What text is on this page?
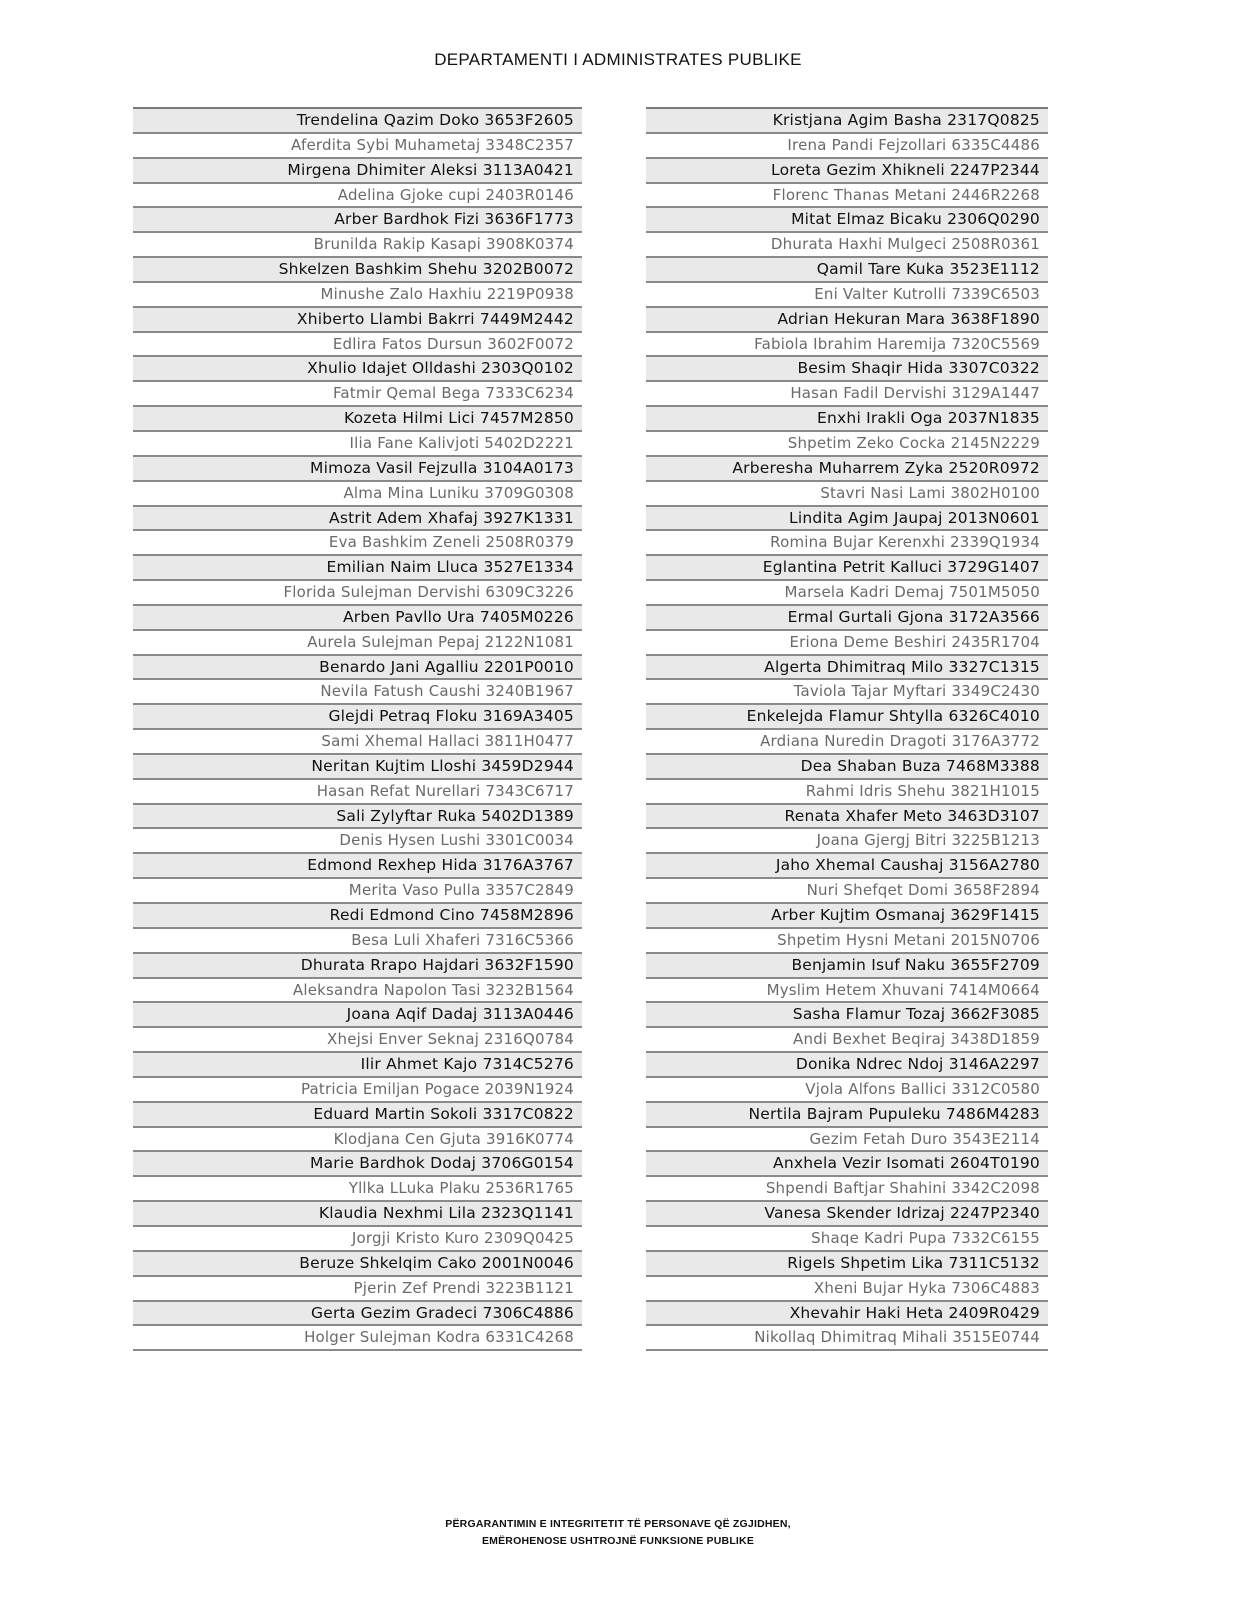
DEPARTAMENTI I ADMINISTRATES PUBLIKE
Trendelina Qazim Doko 3653F2605
Aferdita Sybi Muhametaj 3348C2357
Mirgena Dhimiter Aleksi 3113A0421
Adelina Gjoke cupi 2403R0146
Arber Bardhok Fizi 3636F1773
Brunilda Rakip Kasapi 3908K0374
Shkelzen Bashkim Shehu 3202B0072
Minushe Zalo Haxhiu 2219P0938
Xhiberto Llambi Bakrri 7449M2442
Edlira Fatos Dursun 3602F0072
Xhulio Idajet Olldashi 2303Q0102
Fatmir Qemal Bega 7333C6234
Kozeta Hilmi Lici 7457M2850
Ilia Fane Kalivjoti 5402D2221
Mimoza Vasil Fejzulla 3104A0173
Alma Mina Luniku 3709G0308
Astrit Adem Xhafaj 3927K1331
Eva Bashkim Zeneli 2508R0379
Emilian Naim Lluca 3527E1334
Florida Sulejman Dervishi 6309C3226
Arben Pavllo Ura 7405M0226
Aurela Sulejman Pepaj 2122N1081
Benardo Jani Agalliu 2201P0010
Nevila Fatush Caushi 3240B1967
Glejdi Petraq Floku 3169A3405
Sami Xhemal Hallaci 3811H0477
Neritan Kujtim Lloshi 3459D2944
Hasan Refat Nurellari 7343C6717
Sali Zylyftar Ruka 5402D1389
Denis Hysen Lushi 3301C0034
Edmond Rexhep Hida 3176A3767
Merita Vaso Pulla 3357C2849
Redi Edmond Cino 7458M2896
Besa Luli Xhaferi 7316C5366
Dhurata Rrapo Hajdari 3632F1590
Aleksandra Napolon Tasi 3232B1564
Joana Aqif Dadaj 3113A0446
Xhejsi Enver Seknaj 2316Q0784
Ilir Ahmet Kajo 7314C5276
Patricia Emiljan Pogace 2039N1924
Eduard Martin Sokoli 3317C0822
Klodjana Cen Gjuta 3916K0774
Marie Bardhok Dodaj 3706G0154
Yllka LLuka Plaku 2536R1765
Klaudia Nexhmi Lila 2323Q1141
Jorgji Kristo Kuro 2309Q0425
Beruze Shkelqim Cako 2001N0046
Pjerin Zef Prendi 3223B1121
Gerta Gezim Gradeci 7306C4886
Holger Sulejman Kodra 6331C4268
Kristjana Agim Basha 2317Q0825
Irena Pandi Fejzollari 6335C4486
Loreta Gezim Xhikneli 2247P2344
Florenc Thanas Metani 2446R2268
Mitat Elmaz Bicaku 2306Q0290
Dhurata Haxhi Mulgeci 2508R0361
Qamil Tare Kuka 3523E1112
Eni Valter Kutrolli 7339C6503
Adrian Hekuran Mara 3638F1890
Fabiola Ibrahim Haremija 7320C5569
Besim Shaqir Hida 3307C0322
Hasan Fadil Dervishi 3129A1447
Enxhi Irakli Oga 2037N1835
Shpetim Zeko Cocka 2145N2229
Arberesha Muharrem Zyka 2520R0972
Stavri Nasi Lami 3802H0100
Lindita Agim Jaupaj 2013N0601
Romina Bujar Kerenxhi 2339Q1934
Eglantina Petrit Kalluci 3729G1407
Marsela Kadri Demaj 7501M5050
Ermal Gurtali Gjona 3172A3566
Eriona Deme Beshiri 2435R1704
Algerta Dhimitraq Milo 3327C1315
Taviola Tajar Myftari 3349C2430
Enkelejda Flamur Shtylla 6326C4010
Ardiana Nuredin Dragoti 3176A3772
Dea Shaban Buza 7468M3388
Rahmi Idris Shehu 3821H1015
Renata Xhafer Meto 3463D3107
Joana Gjergj Bitri 3225B1213
Jaho Xhemal Caushaj 3156A2780
Nuri Shefqet Domi 3658F2894
Arber Kujtim Osmanaj 3629F1415
Shpetim Hysni Metani 2015N0706
Benjamin Isuf Naku 3655F2709
Myslim Hetem Xhuvani 7414M0664
Sasha Flamur Tozaj 3662F3085
Andi Bexhet Beqiraj 3438D1859
Donika Ndrec Ndoj 3146A2297
Vjola Alfons Ballici 3312C0580
Nertila Bajram Pupuleku 7486M4283
Gezim Fetah Duro 3543E2114
Anxhela Vezir Isomati 2604T0190
Shpendi Baftjar Shahini 3342C2098
Vanesa Skender Idrizaj 2247P2340
Shaqe Kadri Pupa 7332C6155
Rigels Shpetim Lika 7311C5132
Xheni Bujar Hyka 7306C4883
Xhevahir Haki Heta 2409R0429
Nikollaq Dhimitraq Mihali 3515E0744
PËRGARANTIMIN E INTEGRITETIT TË PERSONAVE QË ZGJIDHEN,
EMËROHENOSE USHTROJNË FUNKSIONE PUBLIKE
